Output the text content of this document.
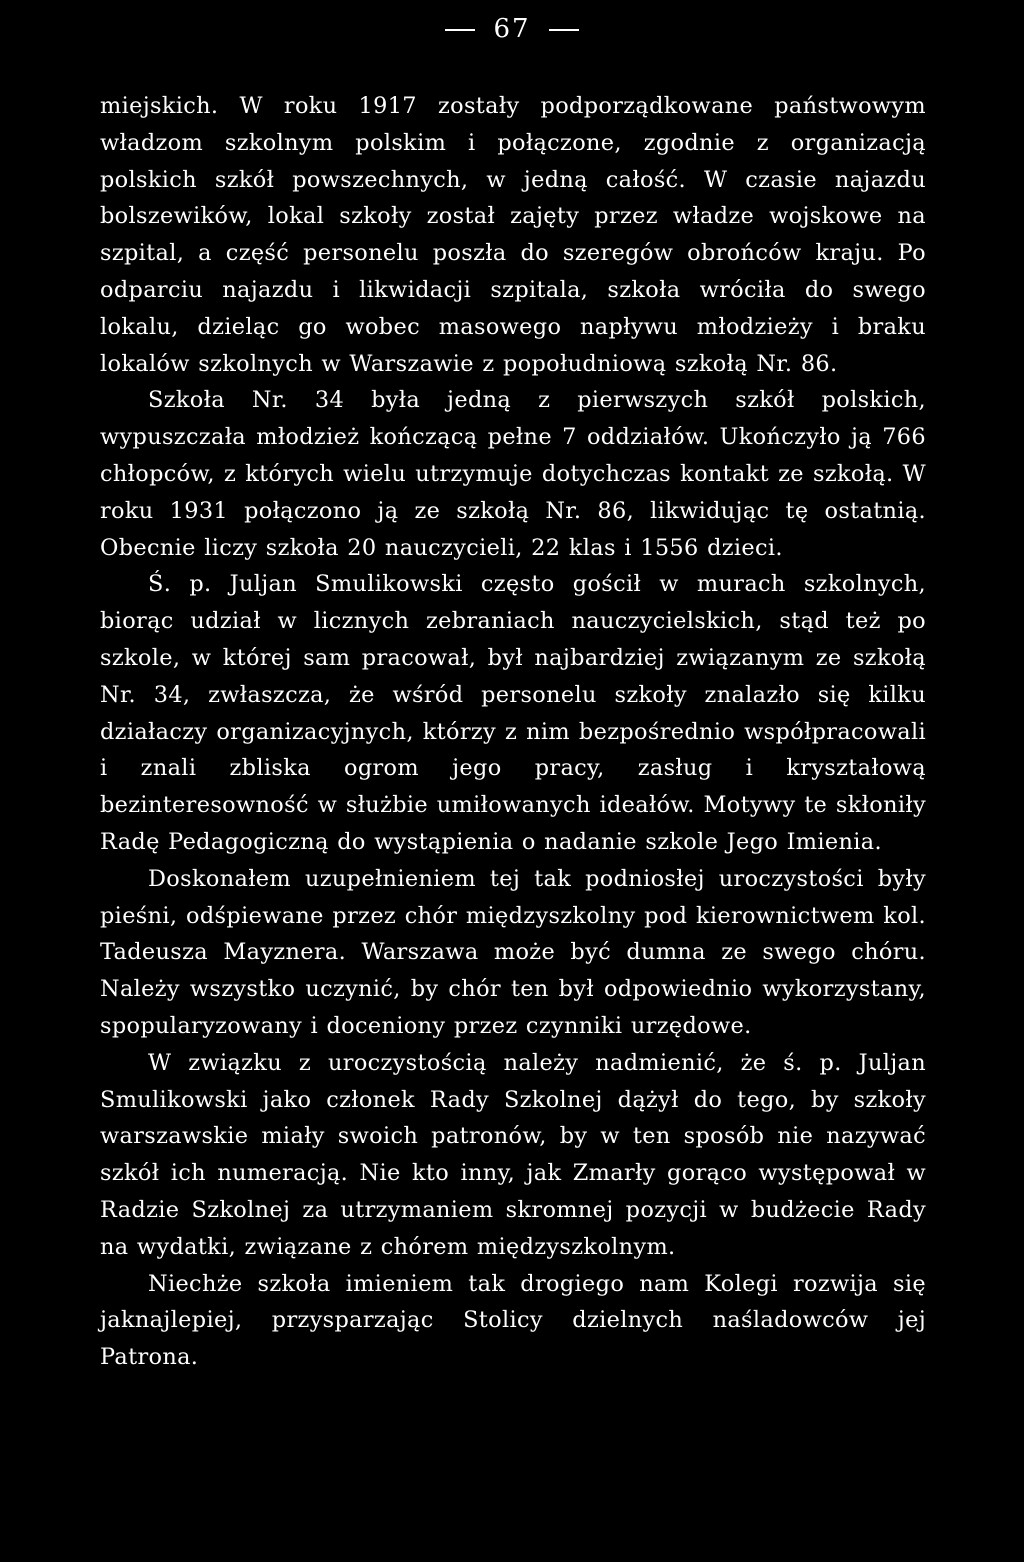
67

miejskich. W roku 1917 zostały podporządkowane państwowym władzom szkolnym polskim i połączone, zgodnie z organizacją polskich szkół powszechnych, w jedną całość. W czasie najazdu bolszewików, lokal szkoły został zajęty przez władze wojskowe na szpital, a część personelu poszła do szeregów obrońców kraju. Po odparciu najazdu i likwidacji szpitala, szkoła wróciła do swego lokalu, dzieląc go wobec masowego napływu młodzieży i braku lokalów szkolnych w Warszawie z popołudniową szkołą Nr. 86.

Szkoła Nr. 34 była jedną z pierwszych szkół polskich, wypuszczała młodzież kończącą pełne 7 oddziałów. Ukończyło ją 766 chłopców, z których wielu utrzymuje dotychczas kontakt ze szkołą. W roku 1931 połączono ją ze szkołą Nr. 86, likwidując tę ostatnią. Obecnie liczy szkoła 20 nauczycieli, 22 klas i 1556 dzieci.

Ś. p. Juljan Smulikowski często gościł w murach szkolnych, biorąc udział w licznych zebraniach nauczycielskich, stąd też po szkole, w której sam pracował, był najbardziej związanym ze szkołą Nr. 34, zwłaszcza, że wśród personelu szkoły znalazło się kilku działaczy organizacyjnych, którzy z nim bezpośrednio współpracowali i znali zbliska ogrom jego pracy, zasług i kryształową bezinteresowność w służbie umiłowanych ideałów. Motywy te skłoniły Radę Pedagogiczną do wystąpienia o nadanie szkole Jego Imienia.

Doskonałem uzupełnieniem tej tak podniosłej uroczystości były pieśni, odśpiewane przez chór międzyszkolny pod kierownictwem kol. Tadeusza Mayznera. Warszawa może być dumna ze swego chóru. Należy wszystko uczynić, by chór ten był odpowiednio wykorzystany, spopularyzowany i doceniony przez czynniki urzędowe.

W związku z uroczystością należy nadmienić, że ś. p. Juljan Smulikowski jako członek Rady Szkolnej dążył do tego, by szkoły warszawskie miały swoich patronów, by w ten sposób nie nazywać szkół ich numeracją. Nie kto inny, jak Zmarły gorąco występował w Radzie Szkolnej za utrzymaniem skromnej pozycji w budżecie Rady na wydatki, związane z chórem międzyszkolnym.

Niechże szkoła imieniem tak drogiego nam Kolegi rozwija się jaknajlepiej, przysparzając Stolicy dzielnych naśladowców jej Patrona.
